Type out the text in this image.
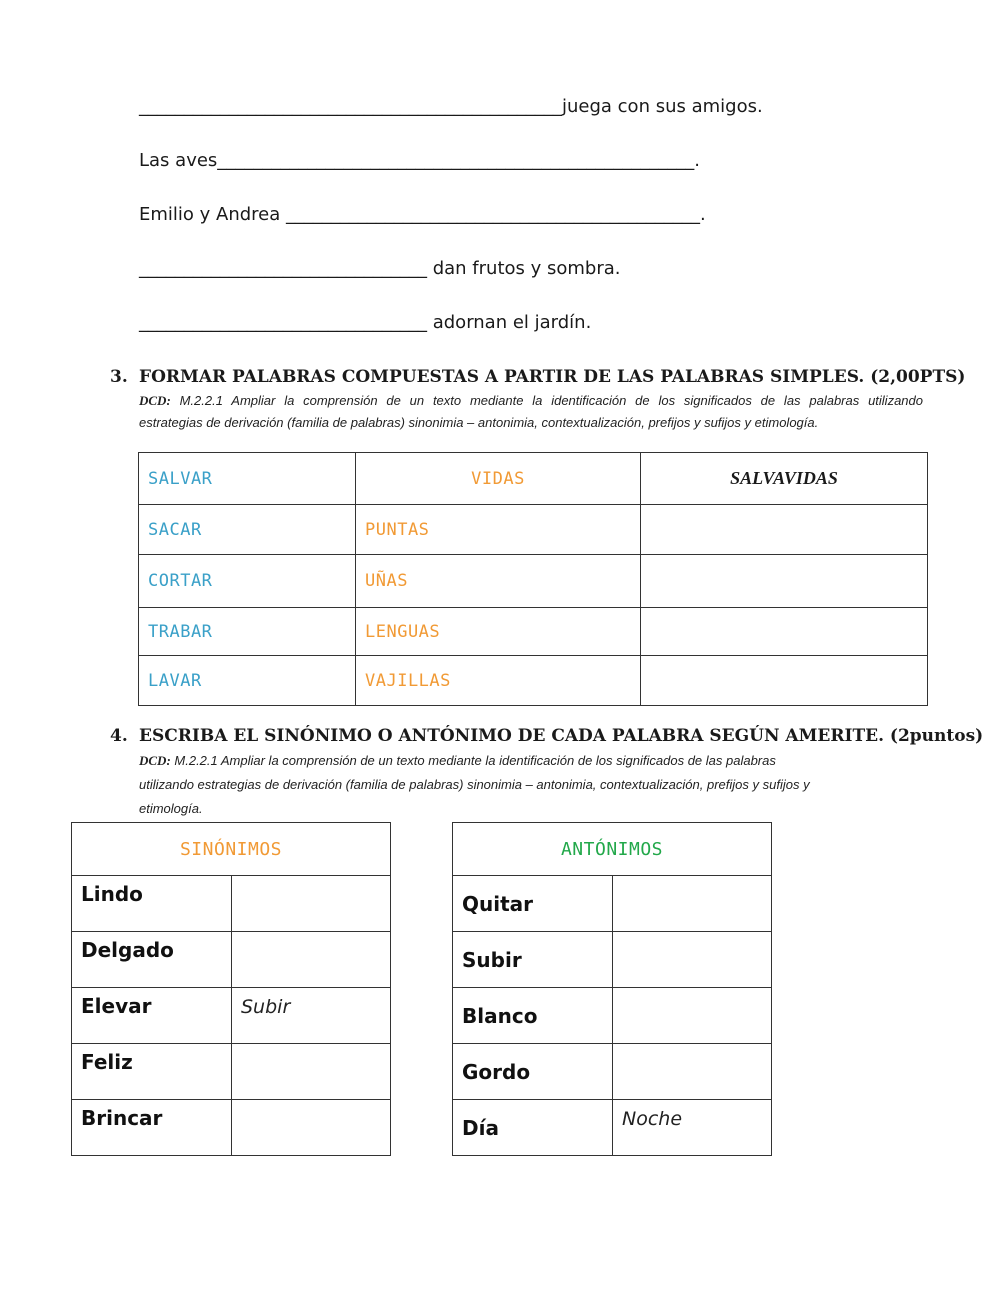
_______________________________________________juega con sus amigos.
Las aves_____________________________________________________.
Emilio y Andrea ______________________________________________.
________________________________ dan frutos y sombra.
________________________________ adornan el jardín.
3. FORMAR PALABRAS COMPUESTAS A PARTIR DE LAS PALABRAS SIMPLES. (2,00PTS)
DCD: M.2.2.1 Ampliar la comprensión de un texto mediante la identificación de los significados de las palabras utilizando
estrategias de derivación (familia de palabras) sinonimia – antonimia, contextualización, prefijos y sufijos y etimología.
SALVAR	VIDAS	SALVAVIDAS
SACAR	PUNTAS	
CORTAR	UÑAS	
TRABAR	LENGUAS	
LAVAR	VAJILLAS	
4. ESCRIBA EL SINÓNIMO O ANTÓNIMO DE CADA PALABRA SEGÚN AMERITE. (2puntos)
DCD: M.2.2.1 Ampliar la comprensión de un texto mediante la identificación de los significados de las palabras
utilizando estrategias de derivación (familia de palabras) sinonimia – antonimia, contextualización, prefijos y sufijos y
etimología.
SINÓNIMOS	
Lindo	
Delgado	
Elevar	Subir
Feliz	
Brincar	
ANTÓNIMOS	
Quitar	
Subir	
Blanco	
Gordo	
Día	Noche
